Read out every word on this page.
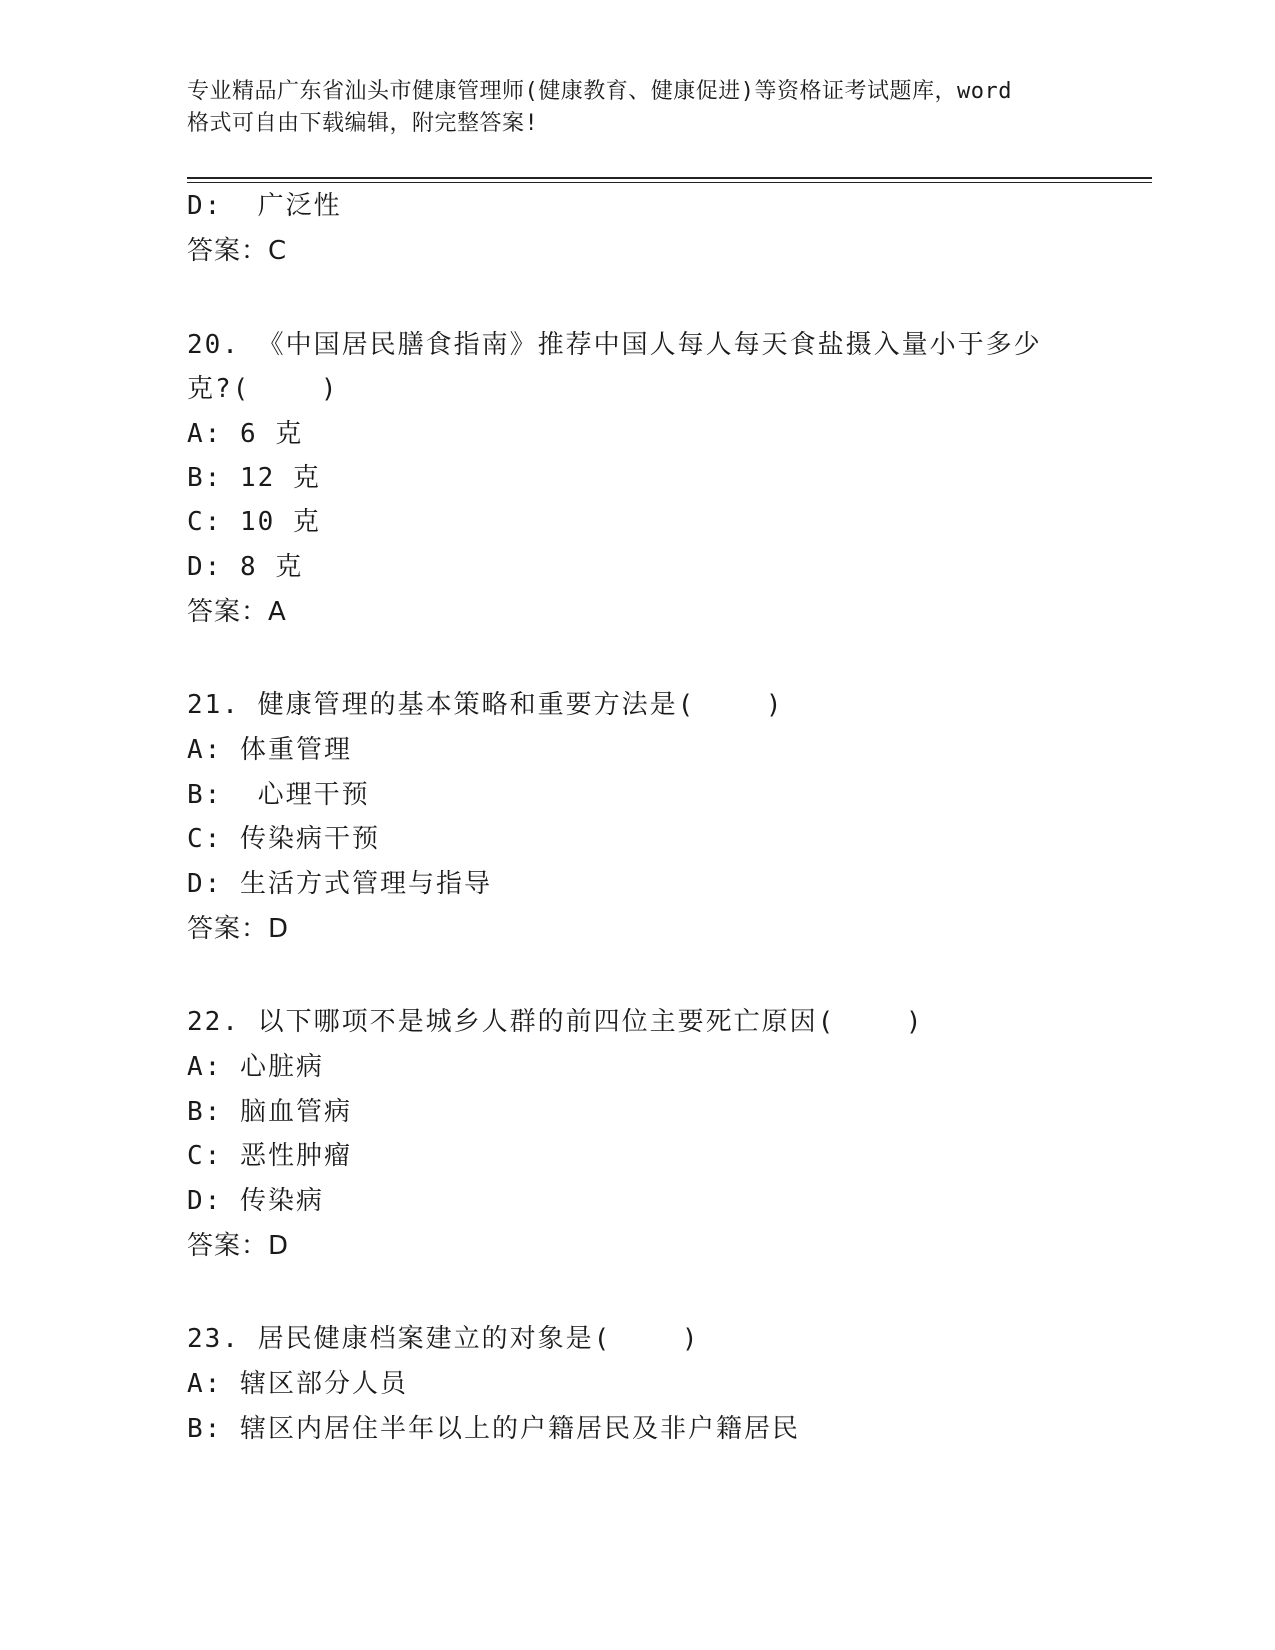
专业精品广东省汕头市健康管理师(健康教育、健康促进)等资格证考试题库，word
格式可自由下载编辑，附完整答案!
D:  广泛性
答案：C
20. 《中国居民膳食指南》推荐中国人每人每天食盐摄入量小于多少
克?(    )
A: 6 克
B: 12 克
C: 10 克
D: 8 克
答案：A
21. 健康管理的基本策略和重要方法是(    )
A: 体重管理
B:  心理干预
C: 传染病干预
D: 生活方式管理与指导
答案：D
22. 以下哪项不是城乡人群的前四位主要死亡原因(    )
A: 心脏病
B: 脑血管病
C: 恶性肿瘤
D: 传染病
答案：D
23. 居民健康档案建立的对象是(    )
A: 辖区部分人员
B: 辖区内居住半年以上的户籍居民及非户籍居民
